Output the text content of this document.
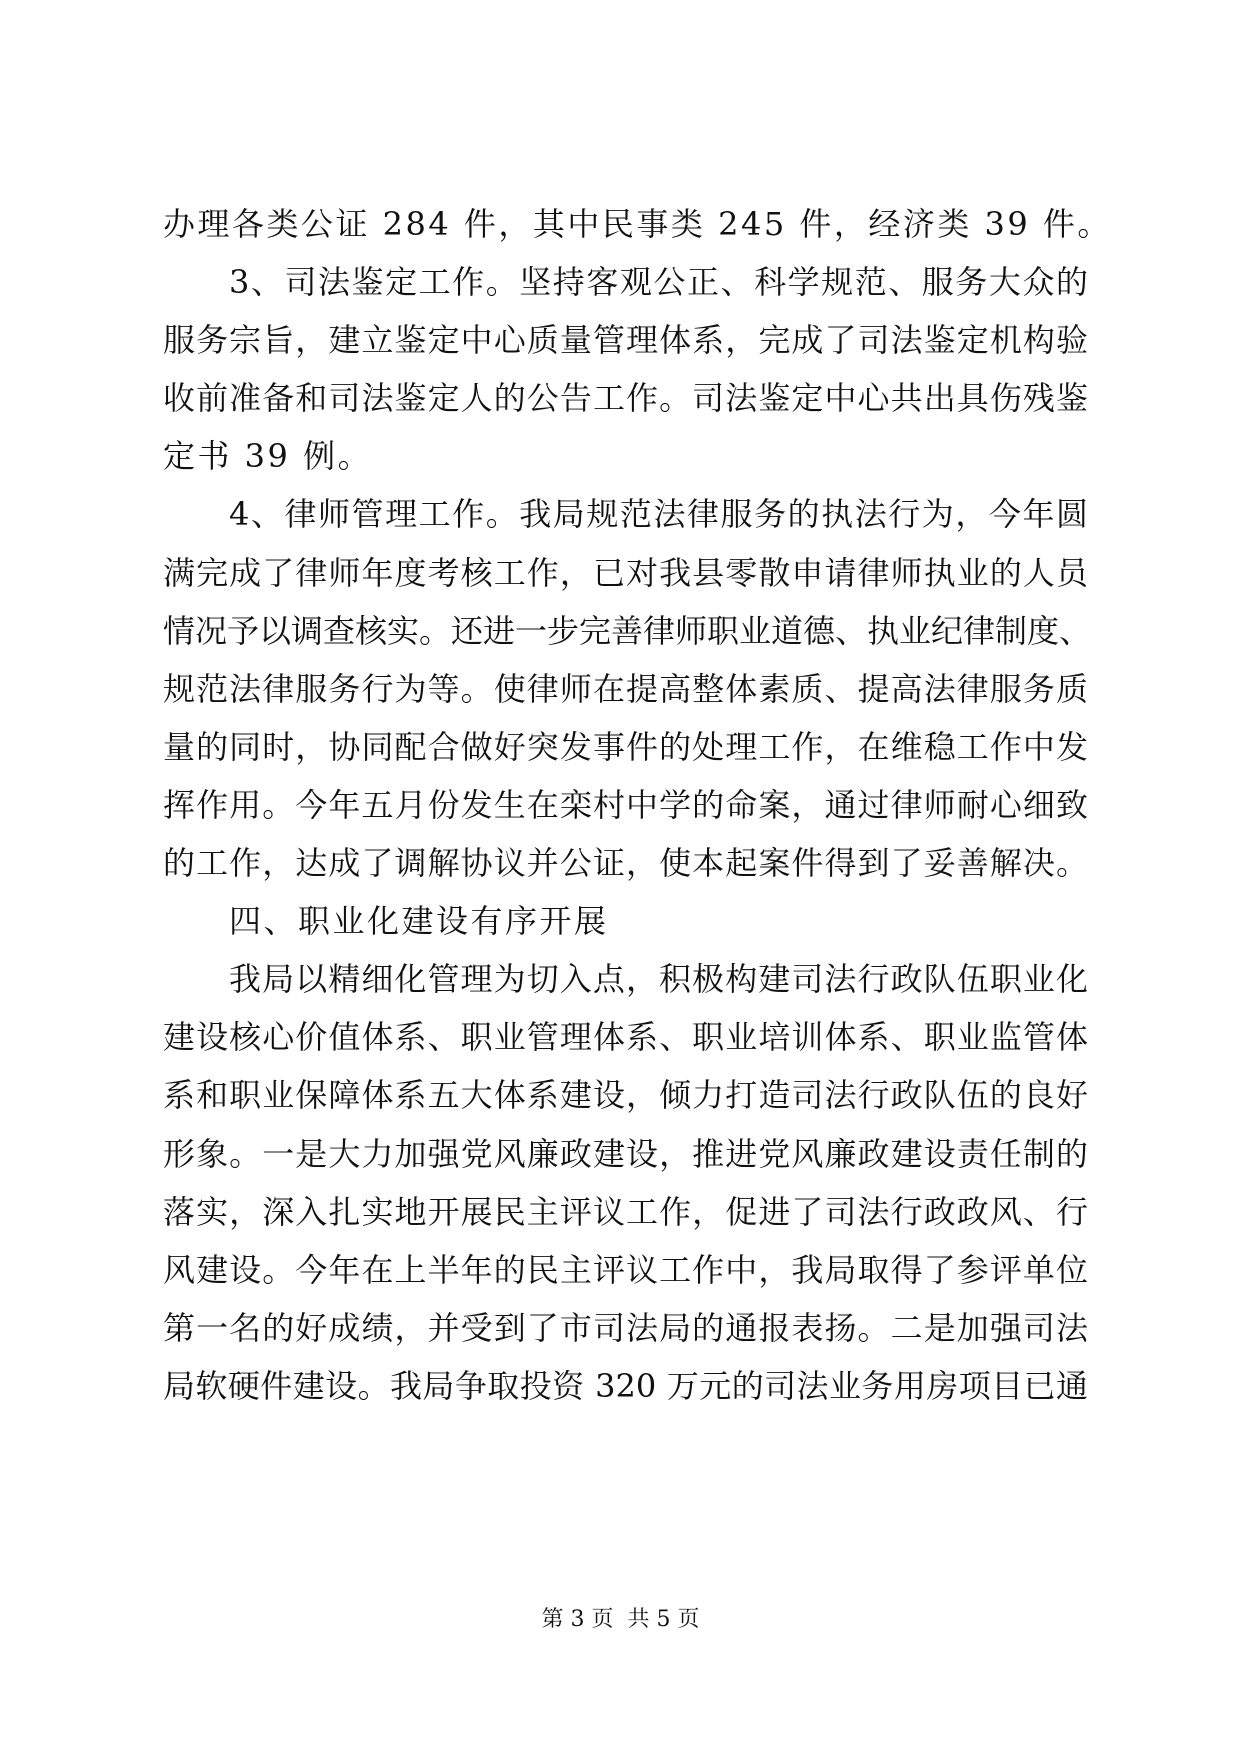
办理各类公证 284 件，其中民事类 245 件，经济类 39 件。
3、司法鉴定工作。坚持客观公正、科学规范、服务大众的
服务宗旨，建立鉴定中心质量管理体系，完成了司法鉴定机构验
收前准备和司法鉴定人的公告工作。司法鉴定中心共出具伤残鉴
定书 39 例。
4、律师管理工作。我局规范法律服务的执法行为，今年圆
满完成了律师年度考核工作，已对我县零散申请律师执业的人员
情况予以调查核实。还进一步完善律师职业道德、执业纪律制度、
规范法律服务行为等。使律师在提高整体素质、提高法律服务质
量的同时，协同配合做好突发事件的处理工作，在维稳工作中发
挥作用。今年五月份发生在栾村中学的命案，通过律师耐心细致
的工作，达成了调解协议并公证，使本起案件得到了妥善解决。
四、职业化建设有序开展
我局以精细化管理为切入点，积极构建司法行政队伍职业化
建设核心价值体系、职业管理体系、职业培训体系、职业监管体
系和职业保障体系五大体系建设，倾力打造司法行政队伍的良好
形象。一是大力加强党风廉政建设，推进党风廉政建设责任制的
落实，深入扎实地开展民主评议工作，促进了司法行政政风、行
风建设。今年在上半年的民主评议工作中，我局取得了参评单位
第一名的好成绩，并受到了市司法局的通报表扬。二是加强司法
局软硬件建设。我局争取投资 320 万元的司法业务用房项目已通
第 3 页  共 5 页
